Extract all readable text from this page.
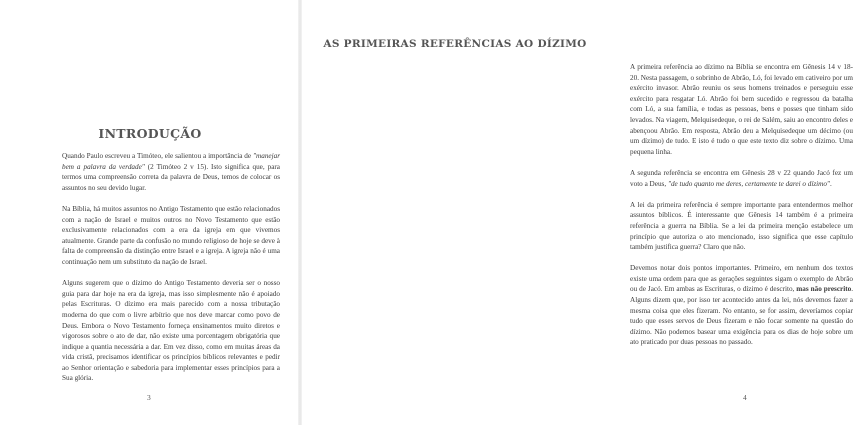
INTRODUÇÃO

Quando Paulo escreveu a Timóteo, ele salientou a importância de "manejar bem a palavra da verdade" (2 Timóteo 2 v 15). Isto significa que, para termos uma compreensão correta da palavra de Deus, temos de colocar os assuntos no seu devido lugar.

Na Bíblia, há muitos assuntos no Antigo Testamento que estão relacionados com a nação de Israel e muitos outros no Novo Testamento que estão exclusivamente relacionados com a era da igreja em que vivemos atualmente. Grande parte da confusão no mundo religioso de hoje se deve à falta de compreensão da distinção entre Israel e a igreja. A igreja não é uma continuação nem um substituto da nação de Israel.

Alguns sugerem que o dízimo do Antigo Testamento deveria ser o nosso guia para dar hoje na era da igreja, mas isso simplesmente não é apoiado pelas Escrituras. O dízimo era mais parecido com a nossa tributação moderna do que com o livre arbítrio que nos deve marcar como povo de Deus. Embora o Novo Testamento forneça ensinamentos muito diretos e vigorosos sobre o ato de dar, não existe uma porcentagem obrigatória que indique a quantia necessária a dar. Em vez disso, como em muitas áreas da vida cristã, precisamos identificar os princípios bíblicos relevantes e pedir ao Senhor orientação e sabedoria para implementar esses princípios para a Sua glória.

3
AS PRIMEIRAS REFERÊNCIAS AO DÍZIMO

A primeira referência ao dízimo na Bíblia se encontra em Gênesis 14 v 18-20. Nesta passagem, o sobrinho de Abrão, Ló, foi levado em cativeiro por um exército invasor. Abrão reuniu os seus homens treinados e perseguiu esse exército para resgatar Ló. Abrão foi bem sucedido e regressou da batalha com Ló, a sua família, e todas as pessoas, bens e posses que tinham sido levados. Na viagem, Melquisedeque, o rei de Salém, saiu ao encontro deles e abençoou Abrão. Em resposta, Abrão deu a Melquisedeque um décimo (ou um dízimo) de tudo. E isto é tudo o que este texto diz sobre o dízimo. Uma pequena linha.

A segunda referência se encontra em Gênesis 28 v 22 quando Jacó fez um voto a Deus, "de tudo quanto me deres, certamente te darei o dízimo".

A lei da primeira referência é sempre importante para entendermos melhor assuntos bíblicos. É interessante que Gênesis 14 também é a primeira referência a guerra na Bíblia. Se a lei da primeira menção estabelece um princípio que autoriza o ato mencionado, isso significa que esse capítulo também justifica guerra? Claro que não.

Devemos notar dois pontos importantes. Primeiro, em nenhum dos textos existe uma ordem para que as gerações seguintes sigam o exemplo de Abrão ou de Jacó. Em ambas as Escrituras, o dízimo é descrito, mas não prescrito. Alguns dizem que, por isso ter acontecido antes da lei, nós devemos fazer a mesma coisa que eles fizeram. No entanto, se for assim, deveríamos copiar tudo que esses servos de Deus fizeram e não focar somente na questão do dízimo. Não podemos basear uma exigência para os dias de hoje sobre um ato praticado por duas pessoas no passado.

4
